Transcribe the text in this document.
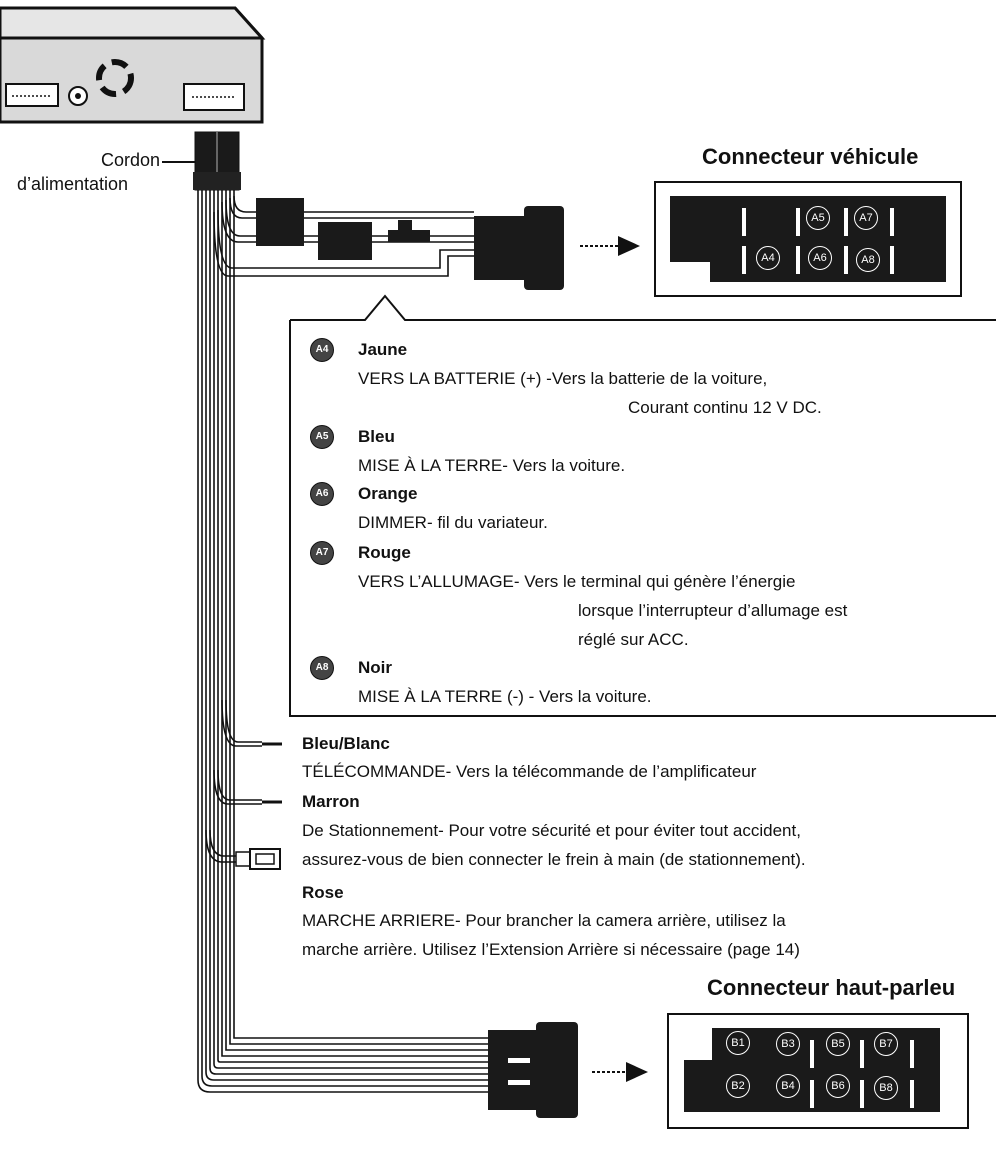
A5	A7
A4	A6	A8
B1	B3	B5	B7
B2	B4	B6	B8
Cordon
d’alimentation
Connecteur véhicule
Connecteur haut-parleu
A4	Jaune
VERS LA BATTERIE (+) -Vers la batterie de la voiture,
Courant continu 12 V DC.
A5	Bleu
MISE À LA TERRE- Vers la voiture.
A6	Orange
DIMMER- fil du variateur.
A7	Rouge
VERS L’ALLUMAGE- Vers le terminal qui génère l’énergie
lorsque l’interrupteur d’allumage est
réglé sur ACC.
A8	Noir
MISE À LA TERRE (-) - Vers la voiture.
Bleu/Blanc
TÉLÉCOMMANDE- Vers la télécommande de l’amplificateur
Marron
De Stationnement- Pour votre sécurité et pour éviter tout accident,
assurez-vous de bien connecter le frein à main (de stationnement).
Rose
MARCHE ARRIERE- Pour brancher la camera arrière, utilisez la
marche arrière. Utilisez l’Extension Arrière si nécessaire (page 14)
